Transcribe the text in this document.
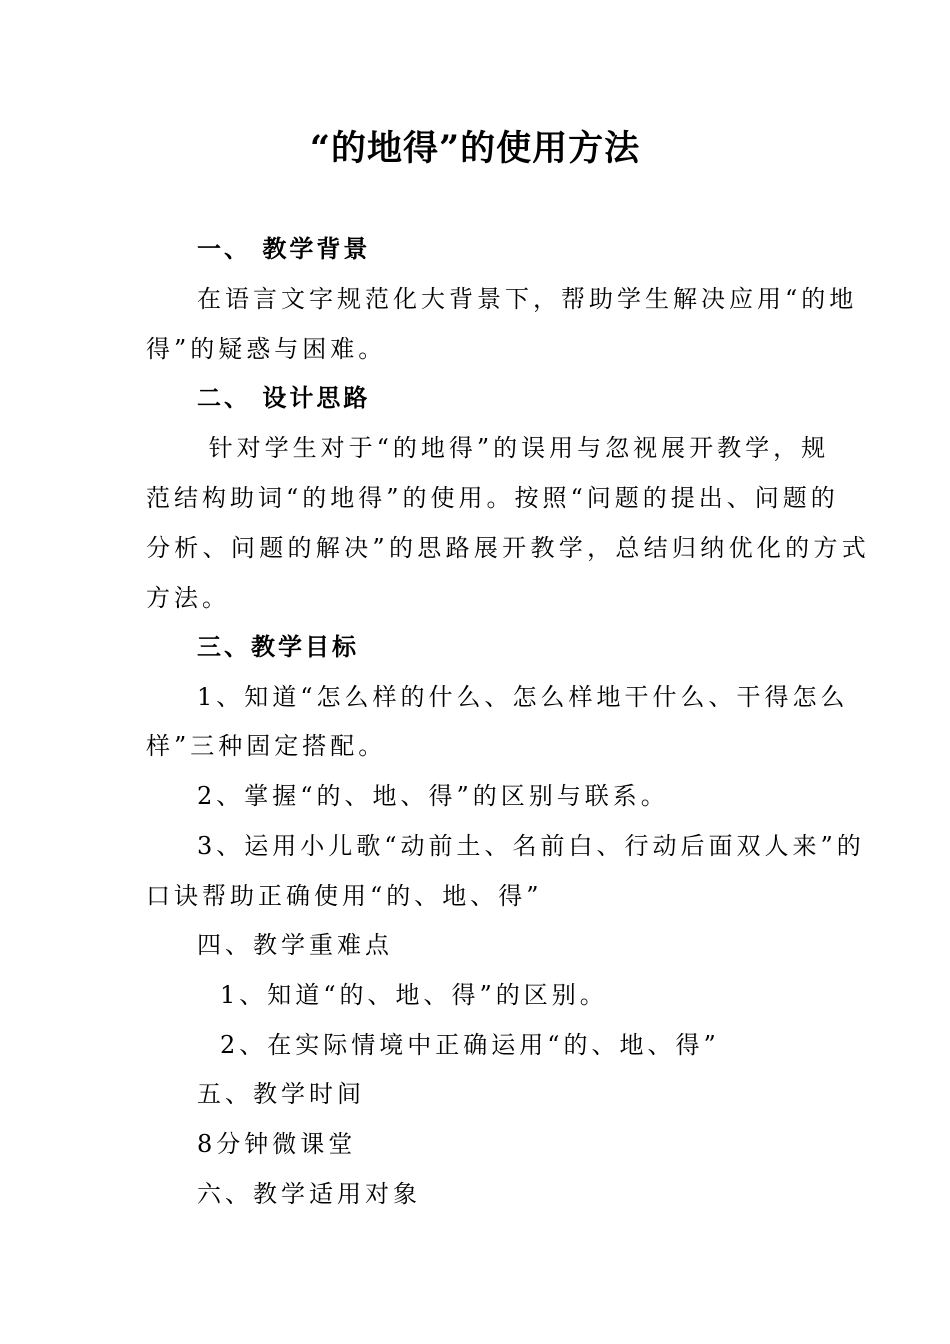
“的地得”的使用方法
一、 教学背景
在语言文字规范化大背景下，帮助学生解决应用“的地
得”的疑惑与困难。
二、 设计思路
针对学生对于“的地得”的误用与忽视展开教学，规
范结构助词“的地得”的使用。按照“问题的提出、问题的
分析、问题的解决”的思路展开教学，总结归纳优化的方式
方法。
三、教学目标
1、知道“怎么样的什么、怎么样地干什么、干得怎么
样”三种固定搭配。
2、掌握“的、地、得”的区别与联系。
3、运用小儿歌“动前土、名前白、行动后面双人来”的
口诀帮助正确使用“的、地、得”
四、教学重难点
1、知道“的、地、得”的区别。
2、在实际情境中正确运用“的、地、得”
五、教学时间
8分钟微课堂
六、教学适用对象
